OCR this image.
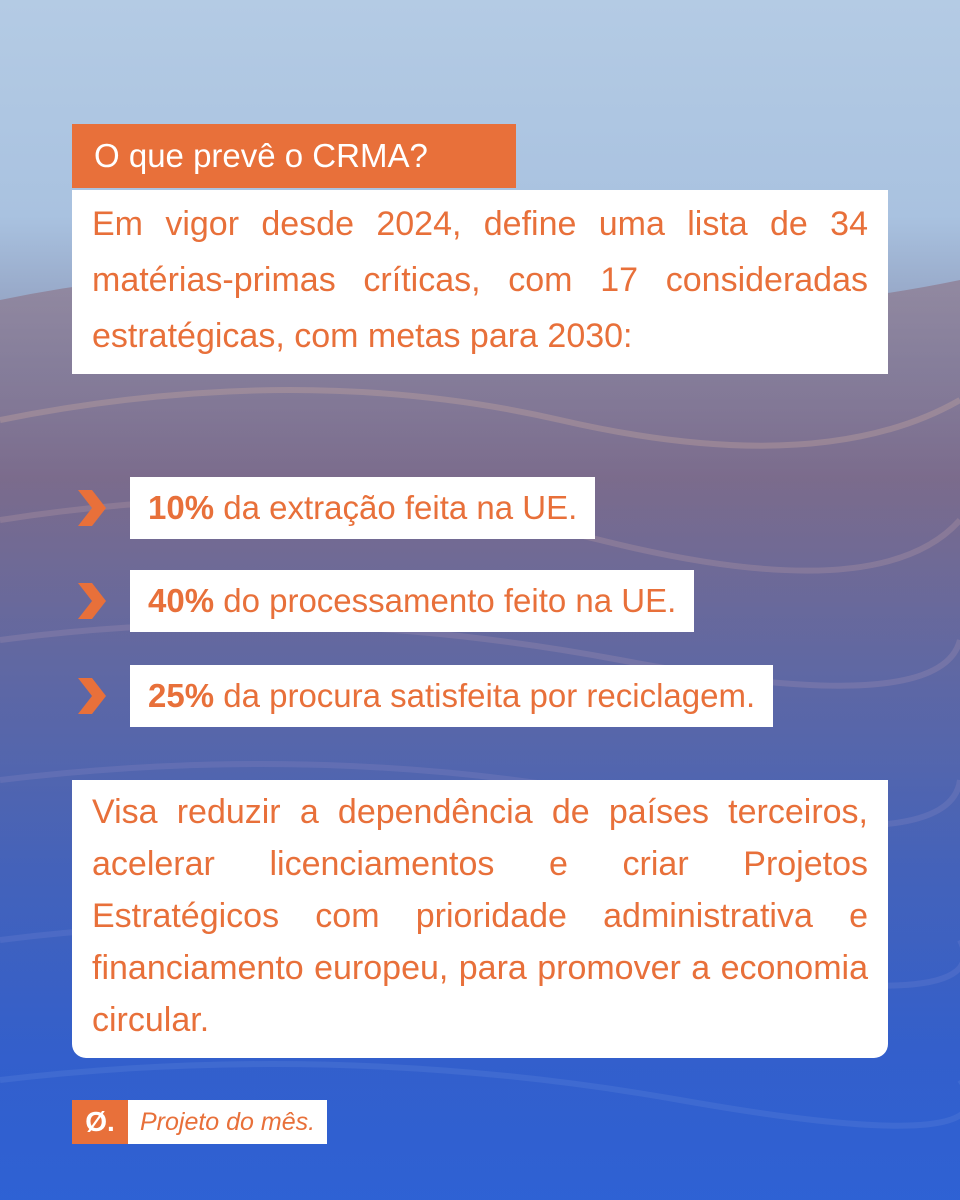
O que prevê o CRMA?
Em vigor desde 2024, define uma lista de 34 matérias-primas críticas, com 17 consideradas estratégicas, com metas para 2030:
10% da extração feita na UE.
40% do processamento feito na UE.
25% da procura satisfeita por reciclagem.
Visa reduzir a dependência de países terceiros, acelerar licenciamentos e criar Projetos Estratégicos com prioridade administrativa e financiamento europeu, para promover a economia circular.
Ø.	Projeto do mês.
